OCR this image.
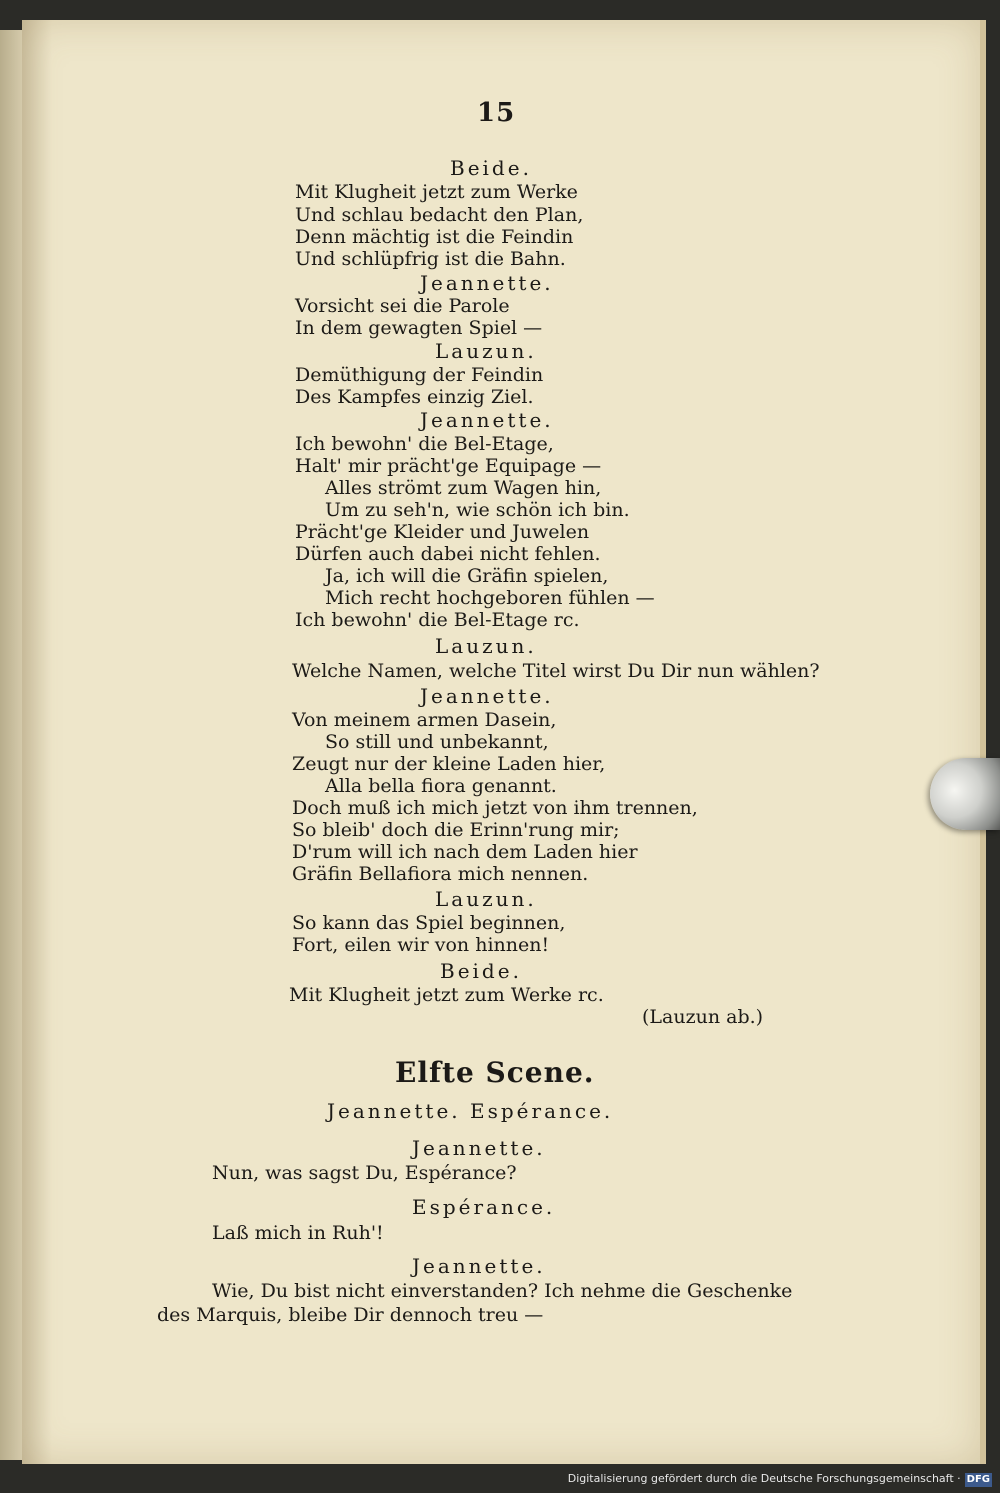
15
Beide.
Mit Klugheit jetzt zum Werke
Und schlau bedacht den Plan,
Denn mächtig ist die Feindin
Und schlüpfrig ist die Bahn.
Jeannette.
Vorsicht sei die Parole
In dem gewagten Spiel —
Lauzun.
Demüthigung der Feindin
Des Kampfes einzig Ziel.
Jeannette.
Ich bewohn' die Bel-Etage,
Halt' mir prächt'ge Equipage —
Alles strömt zum Wagen hin,
Um zu seh'n, wie schön ich bin.
Prächt'ge Kleider und Juwelen
Dürfen auch dabei nicht fehlen.
Ja, ich will die Gräfin spielen,
Mich recht hochgeboren fühlen —
Ich bewohn' die Bel-Etage rc.
Lauzun.
Welche Namen, welche Titel wirst Du Dir nun wählen?
Jeannette.
Von meinem armen Dasein,
So still und unbekannt,
Zeugt nur der kleine Laden hier,
Alla bella fiora genannt.
Doch muß ich mich jetzt von ihm trennen,
So bleib' doch die Erinn'rung mir;
D'rum will ich nach dem Laden hier
Gräfin Bellafiora mich nennen.
Lauzun.
So kann das Spiel beginnen,
Fort, eilen wir von hinnen!
Beide.
Mit Klugheit jetzt zum Werke rc.
(Lauzun ab.)
Elfte Scene.
Jeannette. Espérance.
Jeannette.
Nun, was sagst Du, Espérance?
Espérance.
Laß mich in Ruh'!
Jeannette.
Wie, Du bist nicht einverstanden? Ich nehme die Geschenke
des Marquis, bleibe Dir dennoch treu —
Digitalisierung gefördert durch die Deutsche Forschungsgemeinschaft · DFG
